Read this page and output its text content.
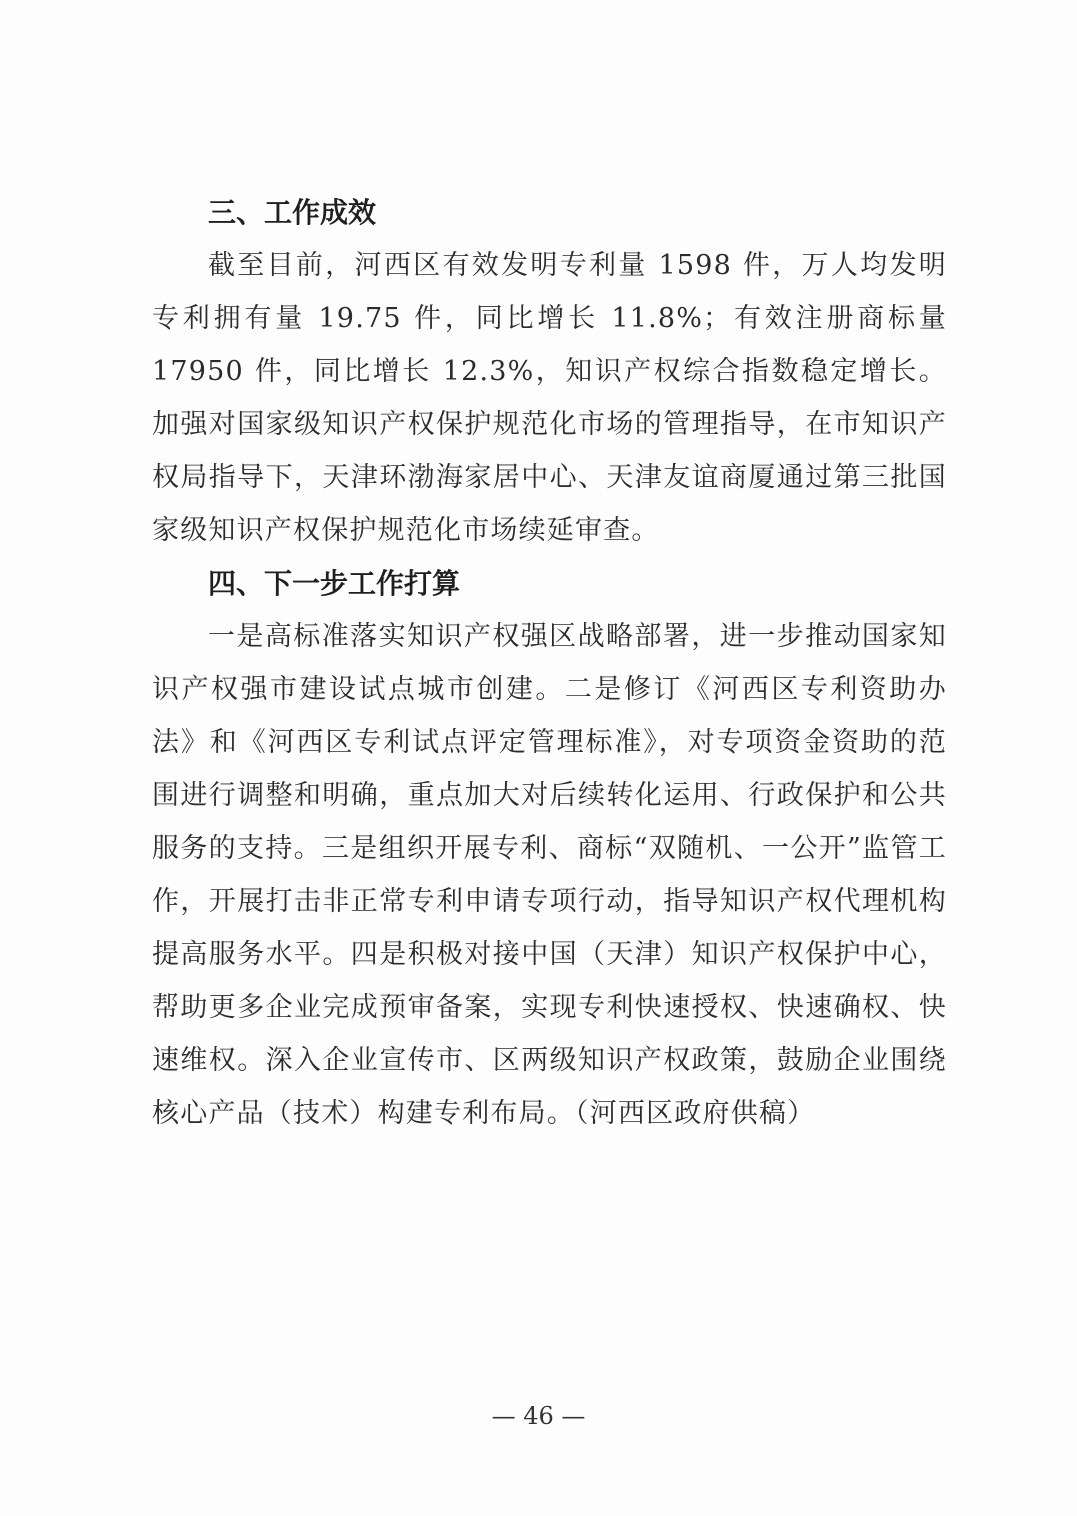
三、工作成效

截至目前，河西区有效发明专利量 1598 件，万人均发明专利拥有量 19.75 件，同比增长 11.8%；有效注册商标量 17950 件，同比增长 12.3%，知识产权综合指数稳定增长。加强对国家级知识产权保护规范化市场的管理指导，在市知识产权局指导下，天津环渤海家居中心、天津友谊商厦通过第三批国家级知识产权保护规范化市场续延审查。

四、下一步工作打算

一是高标准落实知识产权强区战略部署，进一步推动国家知识产权强市建设试点城市创建。二是修订《河西区专利资助办法》和《河西区专利试点评定管理标准》，对专项资金资助的范围进行调整和明确，重点加大对后续转化运用、行政保护和公共服务的支持。三是组织开展专利、商标“双随机、一公开”监管工作，开展打击非正常专利申请专项行动，指导知识产权代理机构提高服务水平。四是积极对接中国（天津）知识产权保护中心，帮助更多企业完成预审备案，实现专利快速授权、快速确权、快速维权。深入企业宣传市、区两级知识产权政策，鼓励企业围绕核心产品（技术）构建专利布局。（河西区政府供稿）

— 46 —
